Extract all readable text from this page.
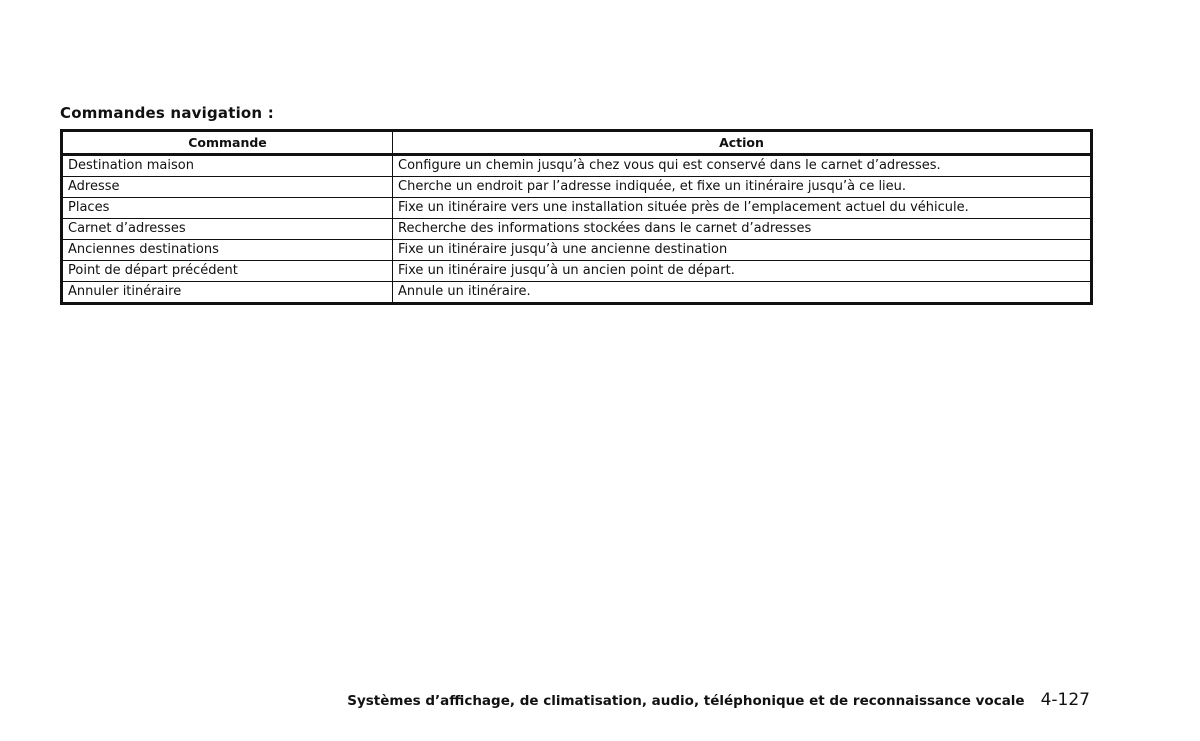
Commandes navigation :
Commande	Action
Destination maison	Configure un chemin jusqu’à chez vous qui est conservé dans le carnet d’adresses.
Adresse	Cherche un endroit par l’adresse indiquée, et fixe un itinéraire jusqu’à ce lieu.
Places	Fixe un itinéraire vers une installation située près de l’emplacement actuel du véhicule.
Carnet d’adresses	Recherche des informations stockées dans le carnet d’adresses
Anciennes destinations	Fixe un itinéraire jusqu’à une ancienne destination
Point de départ précédent	Fixe un itinéraire jusqu’à un ancien point de départ.
Annuler itinéraire	Annule un itinéraire.
Systèmes d’affichage, de climatisation, audio, téléphonique et de reconnaissance vocale 4-127
